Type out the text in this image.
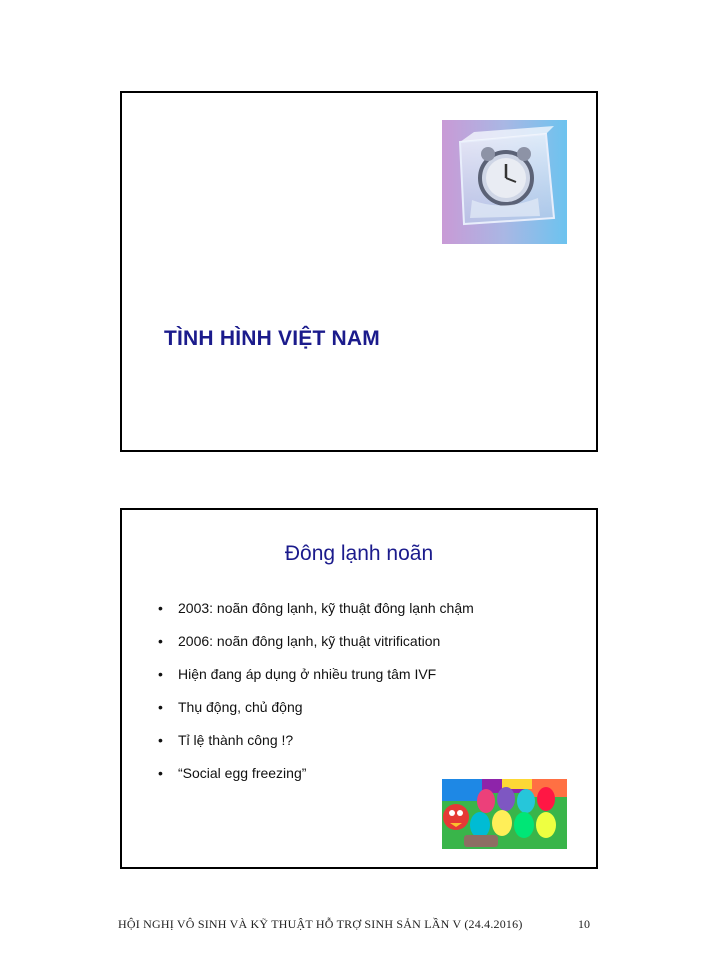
TÌNH HÌNH VIỆT NAM
Đông lạnh noãn
• 2003: noãn đông lạnh, kỹ thuật đông lạnh chậm
• 2006: noãn đông lạnh, kỹ thuật vitrification
• Hiện đang áp dụng ở nhiều trung tâm IVF
• Thụ động, chủ động
• Tỉ lệ thành công !?
• “Social egg freezing”
HỘI NGHỊ VÔ SINH VÀ KỸ THUẬT HỖ TRỢ SINH SẢN LẦN V (24.4.2016)	10
